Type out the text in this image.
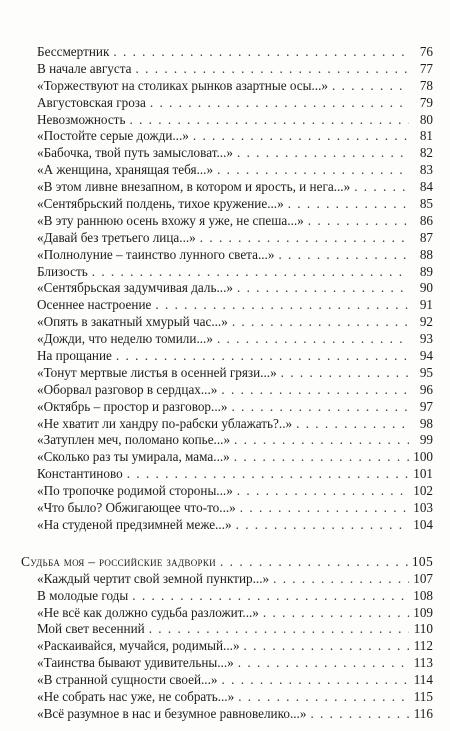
Бессмертник . . .	76
В начале августа . . .	77
«Торжествуют на столиках рынков азартные осы...» . . .	78
Августовская гроза . . .	79
Невозможность . . .	80
«Постойте серые дожди...» . . .	81
«Бабочка, твой путь замысловат...» . . .	82
«А женщина, хранящая тебя...» . . .	83
«В этом ливне внезапном, в котором и ярость, и нега...» . . .	84
«Сентябрьский полдень, тихое кружение...» . . .	85
«В эту раннюю осень вхожу я уже, не спеша...» . . .	86
«Давай без третьего лица...» . . .	87
«Полнолуние – таинство лунного света...» . . .	88
Близость . . .	89
«Сентябрьская задумчивая даль...» . . .	90
Осеннее настроение . . .	91
«Опять в закатный хмурый час...» . . .	92
«Дожди, что неделю томили...» . . .	93
На прощание . . .	94
«Тонут мертвые листья в осенней грязи...» . . .	95
«Оборвал разговор в сердцах...» . . .	96
«Октябрь – простор и разговор...» . . .	97
«Не хватит ли хандру по-рабски ублажать?..» . . .	98
«Затуплен меч, поломано копье...» . . .	99
«Сколько раз ты умирала, мама...» . . .	100
Константиново . . .	101
«По тропочке родимой стороны...» . . .	102
«Что было? Обжигающее что-то...» . . .	103
«На студеной предзимней меже...» . . .	104
Судьба моя – российские задворки . . .	105
«Каждый чертит свой земной пунктир...» . . .	107
В молодые годы . . .	108
«Не всё как должно судьба разложит...» . . .	109
Мой свет весенний . . .	110
«Раскаивайся, мучайся, родимый...» . . .	112
«Таинства бывают удивительны...» . . .	113
«В странной сущности своей...» . . .	114
«Не собрать нас уже, не собрать...» . . .	115
«Всё разумное в нас и безумное равновелико...» . . .	116
